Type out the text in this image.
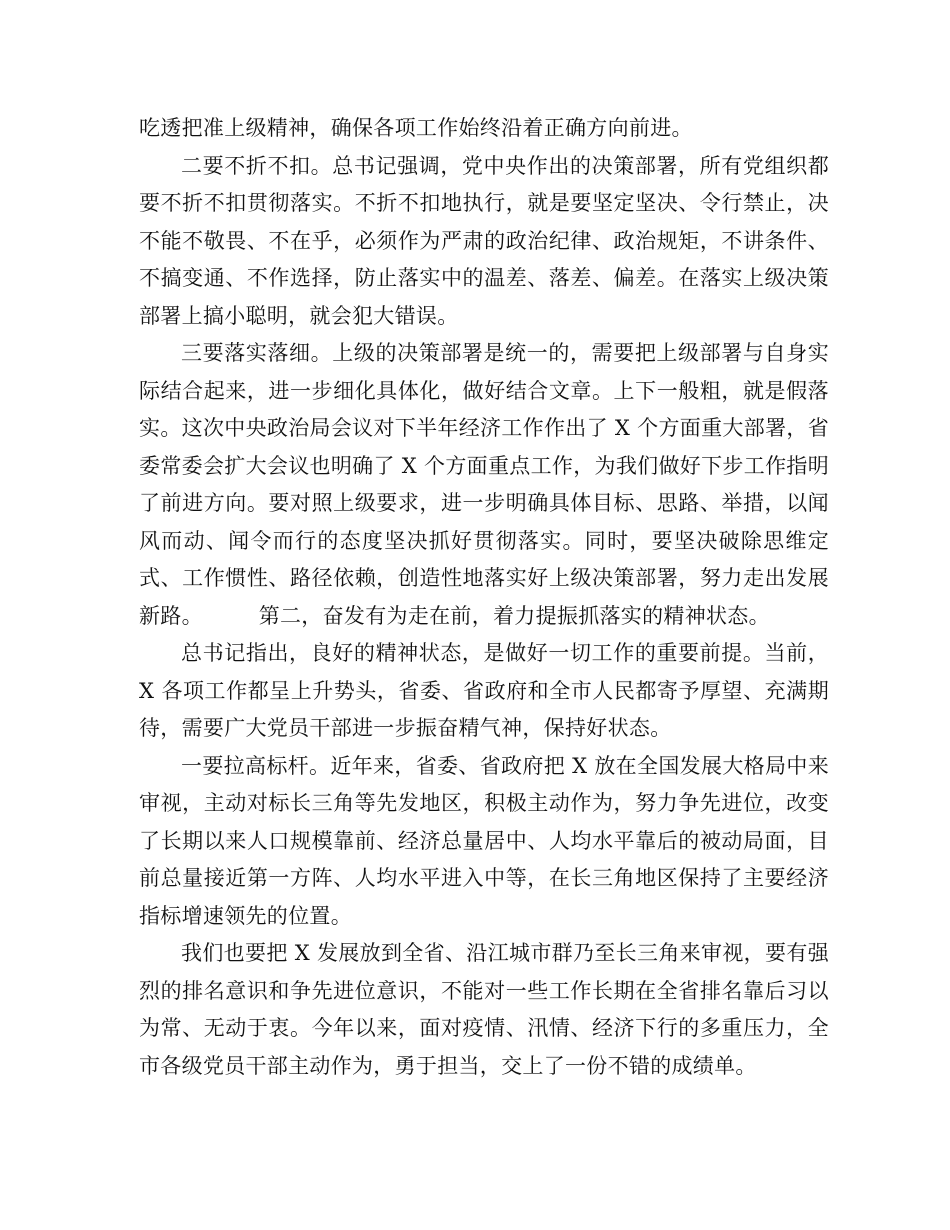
吃透把准上级精神，确保各项工作始终沿着正确方向前进。

二要不折不扣。总书记强调，党中央作出的决策部署，所有党组织都要不折不扣贯彻落实。不折不扣地执行，就是要坚定坚决、令行禁止，决不能不敬畏、不在乎，必须作为严肃的政治纪律、政治规矩，不讲条件、不搞变通、不作选择，防止落实中的温差、落差、偏差。在落实上级决策部署上搞小聪明，就会犯大错误。

三要落实落细。上级的决策部署是统一的，需要把上级部署与自身实际结合起来，进一步细化具体化，做好结合文章。上下一般粗，就是假落实。这次中央政治局会议对下半年经济工作作出了 X 个方面重大部署，省委常委会扩大会议也明确了 X 个方面重点工作，为我们做好下步工作指明了前进方向。要对照上级要求，进一步明确具体目标、思路、举措，以闻风而动、闻令而行的态度坚决抓好贯彻落实。同时，要坚决破除思维定式、工作惯性、路径依赖，创造性地落实好上级决策部署，努力走出发展新路。        第二，奋发有为走在前，着力提振抓落实的精神状态。

总书记指出，良好的精神状态，是做好一切工作的重要前提。当前，X 各项工作都呈上升势头，省委、省政府和全市人民都寄予厚望、充满期待，需要广大党员干部进一步振奋精气神，保持好状态。

一要拉高标杆。近年来，省委、省政府把 X 放在全国发展大格局中来审视，主动对标长三角等先发地区，积极主动作为，努力争先进位，改变了长期以来人口规模靠前、经济总量居中、人均水平靠后的被动局面，目前总量接近第一方阵、人均水平进入中等，在长三角地区保持了主要经济指标增速领先的位置。

我们也要把 X 发展放到全省、沿江城市群乃至长三角来审视，要有强烈的排名意识和争先进位意识，不能对一些工作长期在全省排名靠后习以为常、无动于衷。今年以来，面对疫情、汛情、经济下行的多重压力，全市各级党员干部主动作为，勇于担当，交上了一份不错的成绩单。
